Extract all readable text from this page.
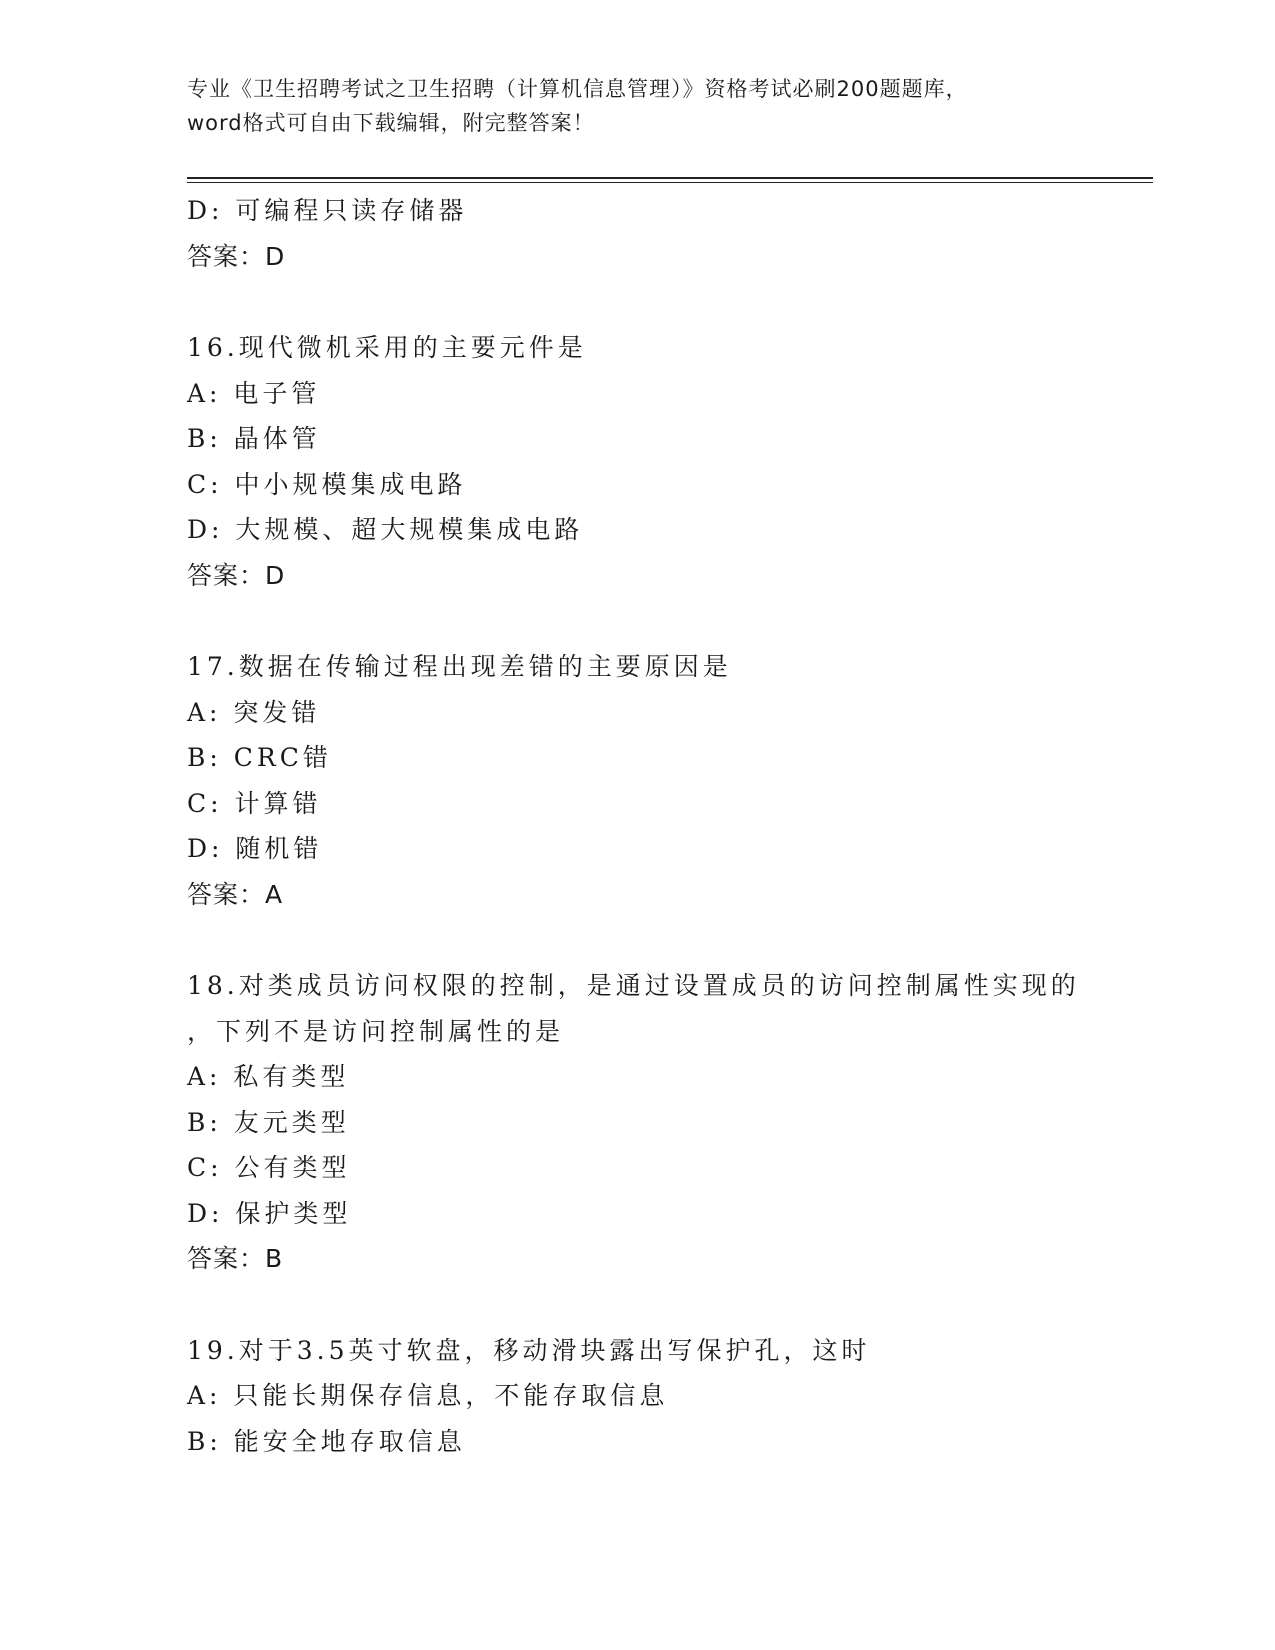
专业《卫生招聘考试之卫生招聘（计算机信息管理）》资格考试必刷200题题库，
word格式可自由下载编辑，附完整答案！
D: 可编程只读存储器
答案：D
16.现代微机采用的主要元件是
A: 电子管
B: 晶体管
C: 中小规模集成电路
D: 大规模、超大规模集成电路
答案：D
17.数据在传输过程出现差错的主要原因是
A: 突发错
B: CRC错
C: 计算错
D: 随机错
答案：A
18.对类成员访问权限的控制，是通过设置成员的访问控制属性实现的
，下列不是访问控制属性的是
A: 私有类型
B: 友元类型
C: 公有类型
D: 保护类型
答案：B
19.对于3.5英寸软盘，移动滑块露出写保护孔，这时
A: 只能长期保存信息，不能存取信息
B: 能安全地存取信息
